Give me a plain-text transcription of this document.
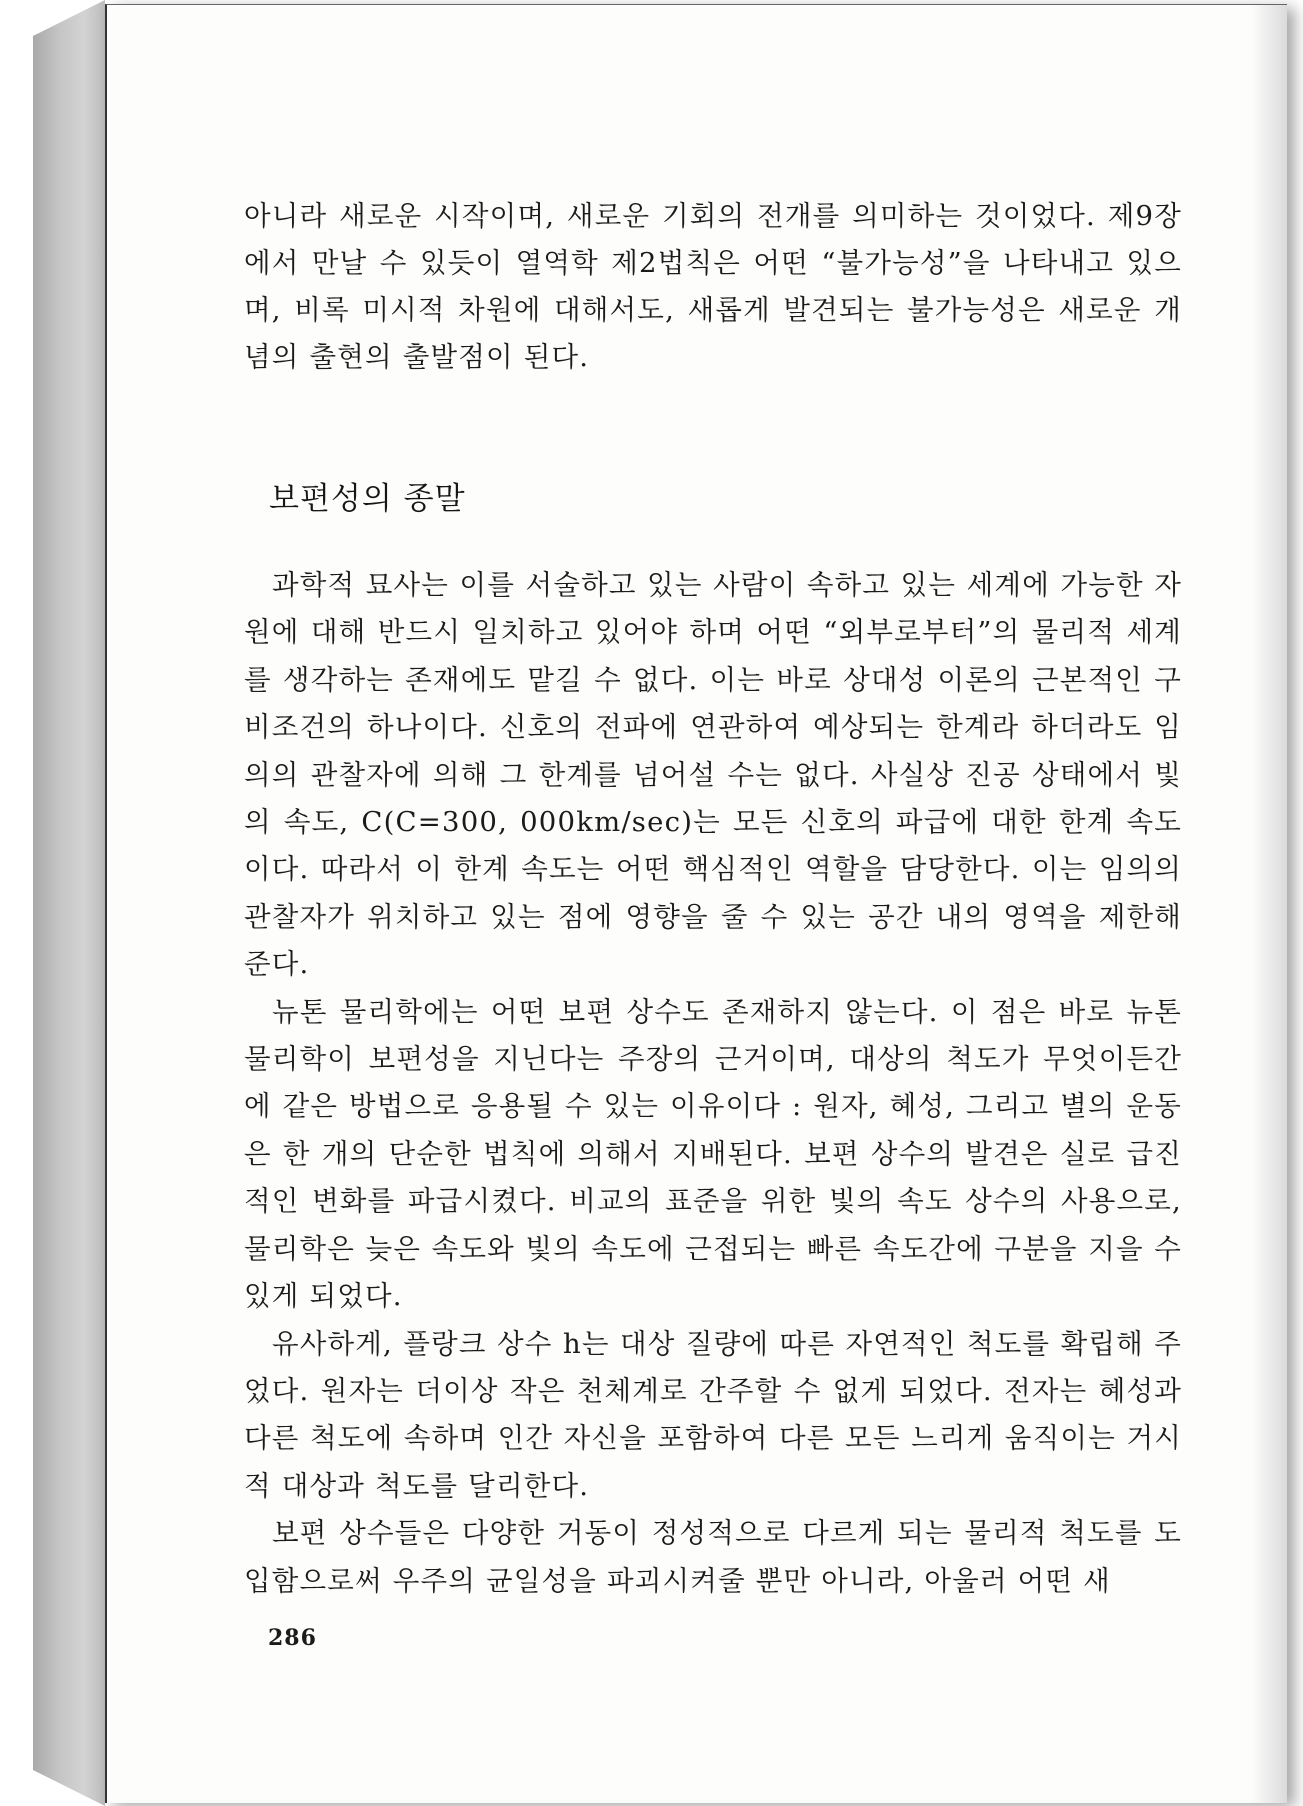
아니라 새로운 시작이며, 새로운 기회의 전개를 의미하는 것이었다. 제9장에서 만날 수 있듯이 열역학 제2법칙은 어떤 “불가능성”을 나타내고 있으며, 비록 미시적 차원에 대해서도, 새롭게 발견되는 불가능성은 새로운 개념의 출현의 출발점이 된다.

보편성의 종말

과학적 묘사는 이를 서술하고 있는 사람이 속하고 있는 세계에 가능한 자원에 대해 반드시 일치하고 있어야 하며 어떤 “외부로부터”의 물리적 세계를 생각하는 존재에도 맡길 수 없다. 이는 바로 상대성 이론의 근본적인 구비조건의 하나이다. 신호의 전파에 연관하여 예상되는 한계라 하더라도 임의의 관찰자에 의해 그 한계를 넘어설 수는 없다. 사실상 진공 상태에서 빛의 속도, C(C=300, 000km/sec)는 모든 신호의 파급에 대한 한계 속도이다. 따라서 이 한계 속도는 어떤 핵심적인 역할을 담당한다. 이는 임의의 관찰자가 위치하고 있는 점에 영향을 줄 수 있는 공간 내의 영역을 제한해 준다.

뉴톤 물리학에는 어떤 보편 상수도 존재하지 않는다. 이 점은 바로 뉴톤 물리학이 보편성을 지닌다는 주장의 근거이며, 대상의 척도가 무엇이든간에 같은 방법으로 응용될 수 있는 이유이다 : 원자, 혜성, 그리고 별의 운동은 한 개의 단순한 법칙에 의해서 지배된다. 보편 상수의 발견은 실로 급진적인 변화를 파급시켰다. 비교의 표준을 위한 빛의 속도 상수의 사용으로, 물리학은 늦은 속도와 빛의 속도에 근접되는 빠른 속도간에 구분을 지을 수 있게 되었다.

유사하게, 플랑크 상수 h는 대상 질량에 따른 자연적인 척도를 확립해 주었다. 원자는 더이상 작은 천체계로 간주할 수 없게 되었다. 전자는 혜성과 다른 척도에 속하며 인간 자신을 포함하여 다른 모든 느리게 움직이는 거시적 대상과 척도를 달리한다.

보편 상수들은 다양한 거동이 정성적으로 다르게 되는 물리적 척도를 도입함으로써 우주의 균일성을 파괴시켜줄 뿐만 아니라, 아울러 어떤 새

286
